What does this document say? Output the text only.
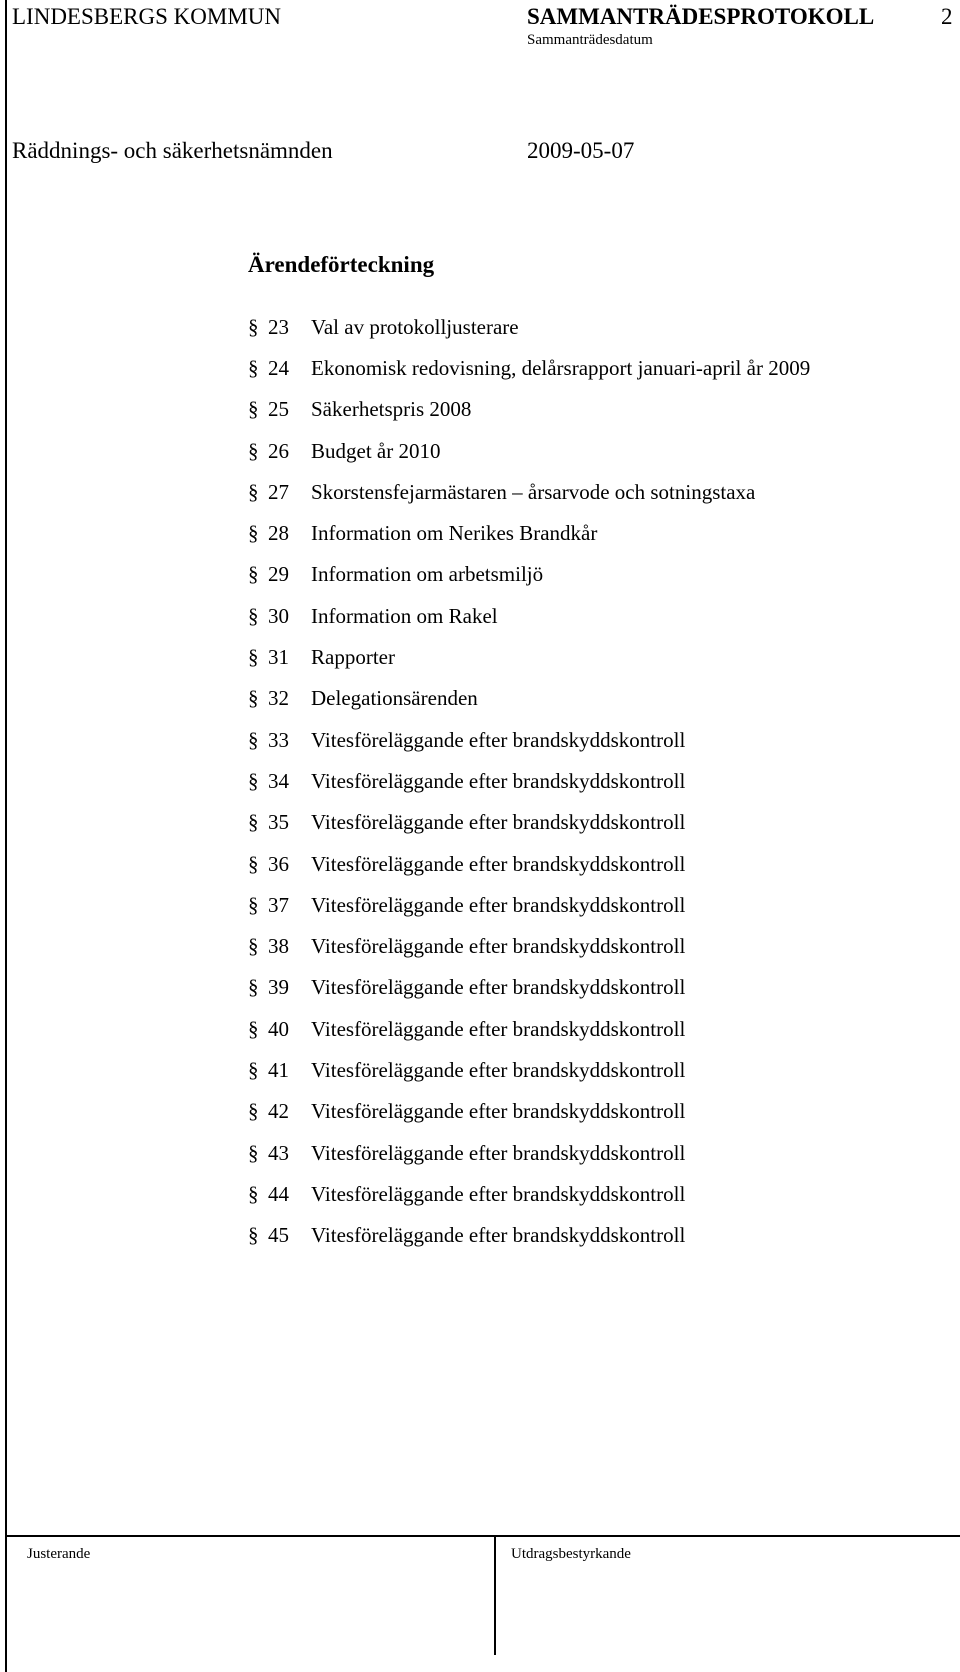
LINDESBERGS KOMMUN	SAMMANTRÄDESPROTOKOLL	2
Sammanträdesdatum
Räddnings- och säkerhetsnämnden	2009-05-07
Ärendeförteckning
§ 23	Val av protokolljusterare
§ 24	Ekonomisk redovisning, delårsrapport januari-april år 2009
§ 25	Säkerhetspris 2008
§ 26	Budget år 2010
§ 27	Skorstensfejarmästaren – årsarvode och sotningstaxa
§ 28	Information om Nerikes Brandkår
§ 29	Information om arbetsmiljö
§ 30	Information om Rakel
§ 31	Rapporter
§ 32	Delegationsärenden
§ 33	Vitesföreläggande efter brandskyddskontroll
§ 34	Vitesföreläggande efter brandskyddskontroll
§ 35	Vitesföreläggande efter brandskyddskontroll
§ 36	Vitesföreläggande efter brandskyddskontroll
§ 37	Vitesföreläggande efter brandskyddskontroll
§ 38	Vitesföreläggande efter brandskyddskontroll
§ 39	Vitesföreläggande efter brandskyddskontroll
§ 40	Vitesföreläggande efter brandskyddskontroll
§ 41	Vitesföreläggande efter brandskyddskontroll
§ 42	Vitesföreläggande efter brandskyddskontroll
§ 43	Vitesföreläggande efter brandskyddskontroll
§ 44	Vitesföreläggande efter brandskyddskontroll
§ 45	Vitesföreläggande efter brandskyddskontroll
Justerande	Utdragsbestyrkande
